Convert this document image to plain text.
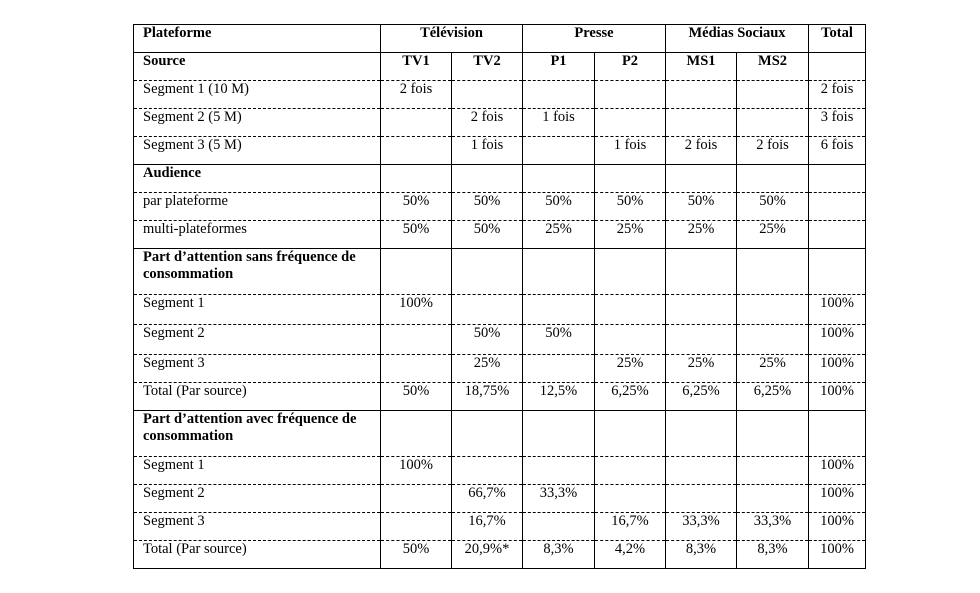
Plateforme	Télévision		Presse		Médias Sociaux		Total
Source	TV1	TV2	P1	P2	MS1	MS2	
Segment 1 (10 M)	2 fois						2 fois
Segment 2 (5 M)		2 fois	1 fois				3 fois
Segment 3 (5 M)		1 fois		1 fois	2 fois	2 fois	6 fois
Audience							
par plateforme	50%	50%	50%	50%	50%	50%	
multi-plateformes	50%	50%	25%	25%	25%	25%	
Part d’attention sans fréquence de consommation							
Segment 1	100%						100%
Segment 2		50%	50%				100%
Segment 3		25%		25%	25%	25%	100%
Total (Par source)	50%	18,75%	12,5%	6,25%	6,25%	6,25%	100%
Part d’attention avec fréquence de consommation							
Segment 1	100%						100%
Segment 2		66,7%	33,3%				100%
Segment 3		16,7%		16,7%	33,3%	33,3%	100%
Total (Par source)	50%	20,9%*	8,3%	4,2%	8,3%	8,3%	100%
